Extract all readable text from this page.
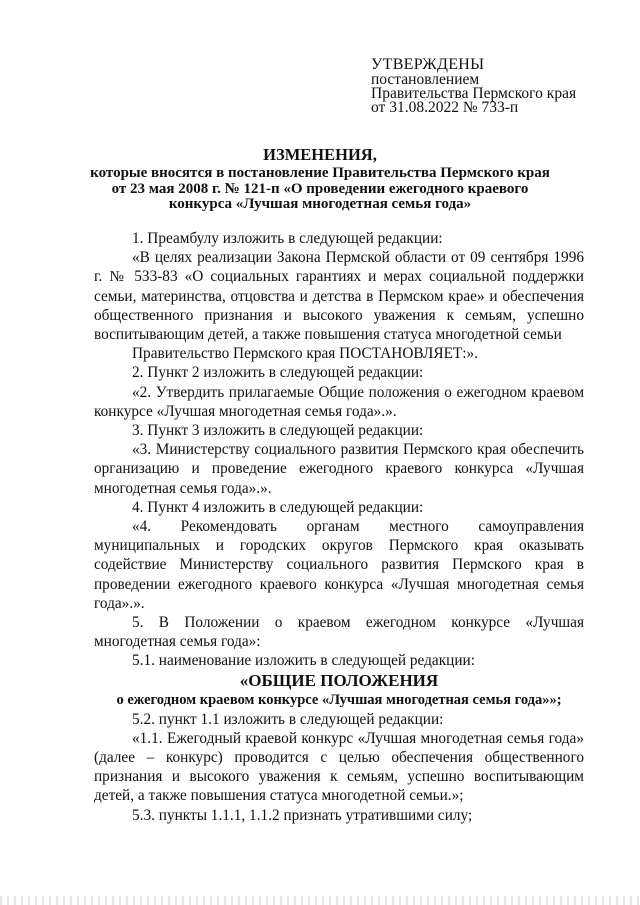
УТВЕРЖДЕНЫ
постановлением
Правительства Пермского края
от 31.08.2022 № 733-п
ИЗМЕНЕНИЯ,
которые вносятся в постановление Правительства Пермского края
от 23 мая 2008 г. № 121-п «О проведении ежегодного краевого
конкурса «Лучшая многодетная семья года»

1. Преамбулу изложить в следующей редакции:

«В целях реализации Закона Пермской области от 09 сентября 1996 г. № 533-83 «О социальных гарантиях и мерах социальной поддержки семьи, материнства, отцовства и детства в Пермском крае» и обеспечения общественного признания и высокого уважения к семьям, успешно воспитывающим детей, а также повышения статуса многодетной семьи

Правительство Пермского края ПОСТАНОВЛЯЕТ:».

2. Пункт 2 изложить в следующей редакции:

«2. Утвердить прилагаемые Общие положения о ежегодном краевом конкурсе «Лучшая многодетная семья года».».

3. Пункт 3 изложить в следующей редакции:

«3. Министерству социального развития Пермского края обеспечить организацию и проведение ежегодного краевого конкурса «Лучшая многодетная семья года».».

4. Пункт 4 изложить в следующей редакции:

«4. Рекомендовать органам местного самоуправления муниципальных и городских округов Пермского края оказывать содействие Министерству социального развития Пермского края в проведении ежегодного краевого конкурса «Лучшая многодетная семья года».».

5. В Положении о краевом ежегодном конкурсе «Лучшая многодетная семья года»:

5.1. наименование изложить в следующей редакции:

«ОБЩИЕ ПОЛОЖЕНИЯ

о ежегодном краевом конкурсе «Лучшая многодетная семья года»»;

5.2. пункт 1.1 изложить в следующей редакции:

«1.1. Ежегодный краевой конкурс «Лучшая многодетная семья года» (далее – конкурс) проводится с целью обеспечения общественного признания и высокого уважения к семьям, успешно воспитывающим детей, а также повышения статуса многодетной семьи.»;

5.3. пункты 1.1.1, 1.1.2 признать утратившими силу;
